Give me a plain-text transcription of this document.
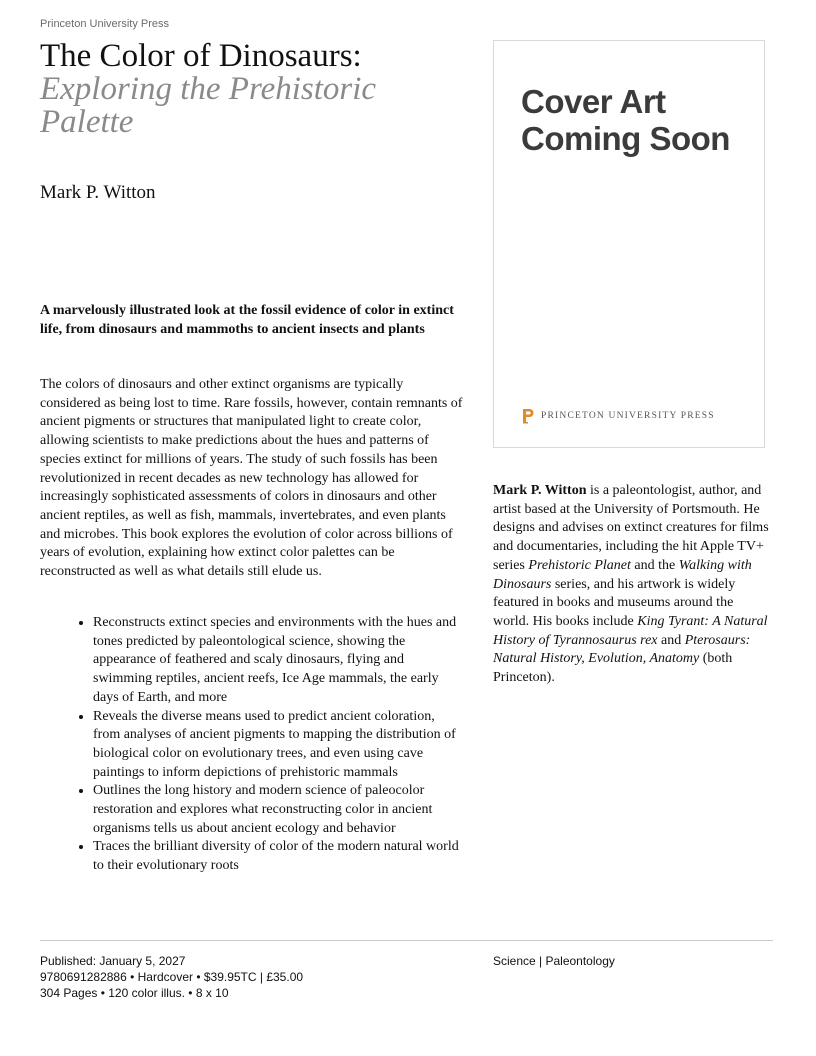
Princeton University Press
The Color of Dinosaurs:
Exploring the Prehistoric Palette
Mark P. Witton

A marvelously illustrated look at the fossil evidence of color in extinct life, from dinosaurs and mammoths to ancient insects and plants

The colors of dinosaurs and other extinct organisms are typically considered as being lost to time. Rare fossils, however, contain remnants of ancient pigments or structures that manipulated light to create color, allowing scientists to make predictions about the hues and patterns of species extinct for millions of years. The study of such fossils has been revolutionized in recent decades as new technology has allowed for increasingly sophisticated assessments of colors in dinosaurs and other ancient reptiles, as well as fish, mammals, invertebrates, and even plants and microbes. This book explores the evolution of color across billions of years of evolution, explaining how extinct color palettes can be reconstructed as well as what details still elude us.

• Reconstructs extinct species and environments with the hues and tones predicted by paleontological science, showing the appearance of feathered and scaly dinosaurs, flying and swimming reptiles, ancient reefs, Ice Age mammals, the early days of Earth, and more
• Reveals the diverse means used to predict ancient coloration, from analyses of ancient pigments to mapping the distribution of biological color on evolutionary trees, and even using cave paintings to inform depictions of prehistoric mammals
• Outlines the long history and modern science of paleocolor restoration and explores what reconstructing color in ancient organisms tells us about ancient ecology and behavior
• Traces the brilliant diversity of color of the modern natural world to their evolutionary roots
Cover Art
Coming Soon
PRINCETON UNIVERSITY PRESS

Mark P. Witton is a paleontologist, author, and artist based at the University of Portsmouth. He designs and advises on extinct creatures for films and documentaries, including the hit Apple TV+ series Prehistoric Planet and the Walking with Dinosaurs series, and his artwork is widely featured in books and museums around the world. His books include King Tyrant: A Natural History of Tyrannosaurus rex and Pterosaurs: Natural History, Evolution, Anatomy (both Princeton).

Published: January 5, 2027
9780691282886 • Hardcover • $39.95TC | £35.00
304 Pages • 120 color illus. • 8 x 10
Science | Paleontology
